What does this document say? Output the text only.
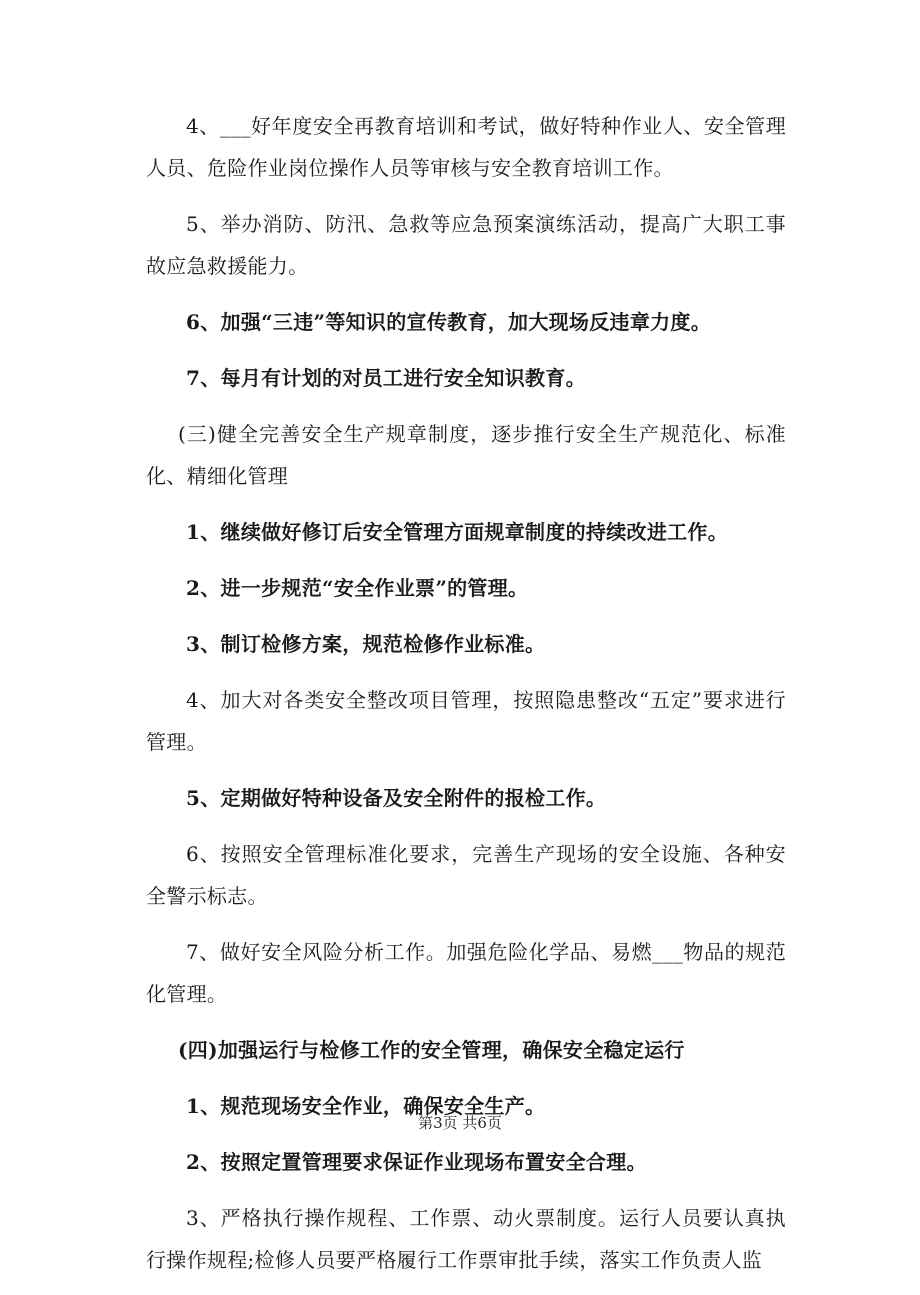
4、___好年度安全再教育培训和考试，做好特种作业人、安全管理人员、危险作业岗位操作人员等审核与安全教育培训工作。

5、举办消防、防汛、急救等应急预案演练活动，提高广大职工事故应急救援能力。

6、加强“三违”等知识的宣传教育，加大现场反违章力度。

7、每月有计划的对员工进行安全知识教育。

(三)健全完善安全生产规章制度，逐步推行安全生产规范化、标准化、精细化管理

1、继续做好修订后安全管理方面规章制度的持续改进工作。

2、进一步规范“安全作业票”的管理。

3、制订检修方案，规范检修作业标准。

4、加大对各类安全整改项目管理，按照隐患整改“五定”要求进行管理。

5、定期做好特种设备及安全附件的报检工作。

6、按照安全管理标准化要求，完善生产现场的安全设施、各种安全警示标志。

7、做好安全风险分析工作。加强危险化学品、易燃___物品的规范化管理。

(四)加强运行与检修工作的安全管理，确保安全稳定运行

1、规范现场安全作业，确保安全生产。

2、按照定置管理要求保证作业现场布置安全合理。

3、严格执行操作规程、工作票、动火票制度。运行人员要认真执行操作规程;检修人员要严格履行工作票审批手续，落实工作负责人监

第3页 共6页
